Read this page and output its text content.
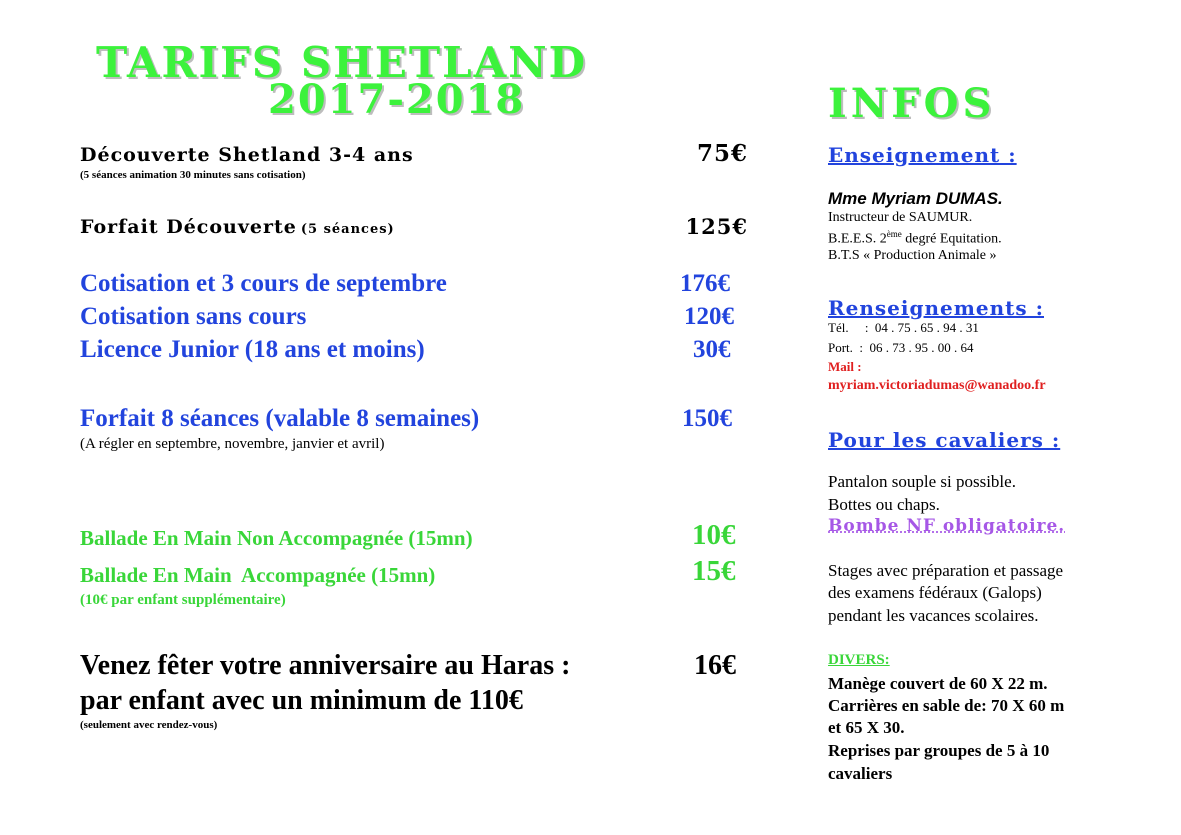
TARIFS SHETLAND
2017-2018	INFOS
Découverte Shetland 3-4 ans	75€
(5 séances animation 30 minutes sans cotisation)
Forfait Découverte (5 séances)	125€
Cotisation et 3 cours de septembre	176€
Cotisation sans cours	120€
Licence Junior (18 ans et moins)	30€
Forfait 8 séances (valable 8 semaines)	150€
(A régler en septembre, novembre, janvier et avril)
Ballade En Main Non Accompagnée (15mn)	10€
Ballade En Main  Accompagnée (15mn)	15€
(10€ par enfant supplémentaire)
Venez fêter votre anniversaire au Haras :	16€
par enfant avec un minimum de 110€
(seulement avec rendez-vous)
Enseignement :
Mme Myriam DUMAS.
Instructeur de SAUMUR.
B.E.E.S. 2ème degré Equitation.
B.T.S « Production Animale »
Renseignements :
Tél.     :  04 . 75 . 65 . 94 . 31
Port.  :  06 . 73 . 95 . 00 . 64
Mail :
myriam.victoriadumas@wanadoo.fr
Pour les cavaliers :
Pantalon souple si possible.
Bottes ou chaps.
Bombe NF obligatoire.
Stages avec préparation et passage
des examens fédéraux (Galops)
pendant les vacances scolaires.
DIVERS:
Manège couvert de 60 X 22 m.
Carrières en sable de: 70 X 60 m
et 65 X 30.
Reprises par groupes de 5 à 10
cavaliers
